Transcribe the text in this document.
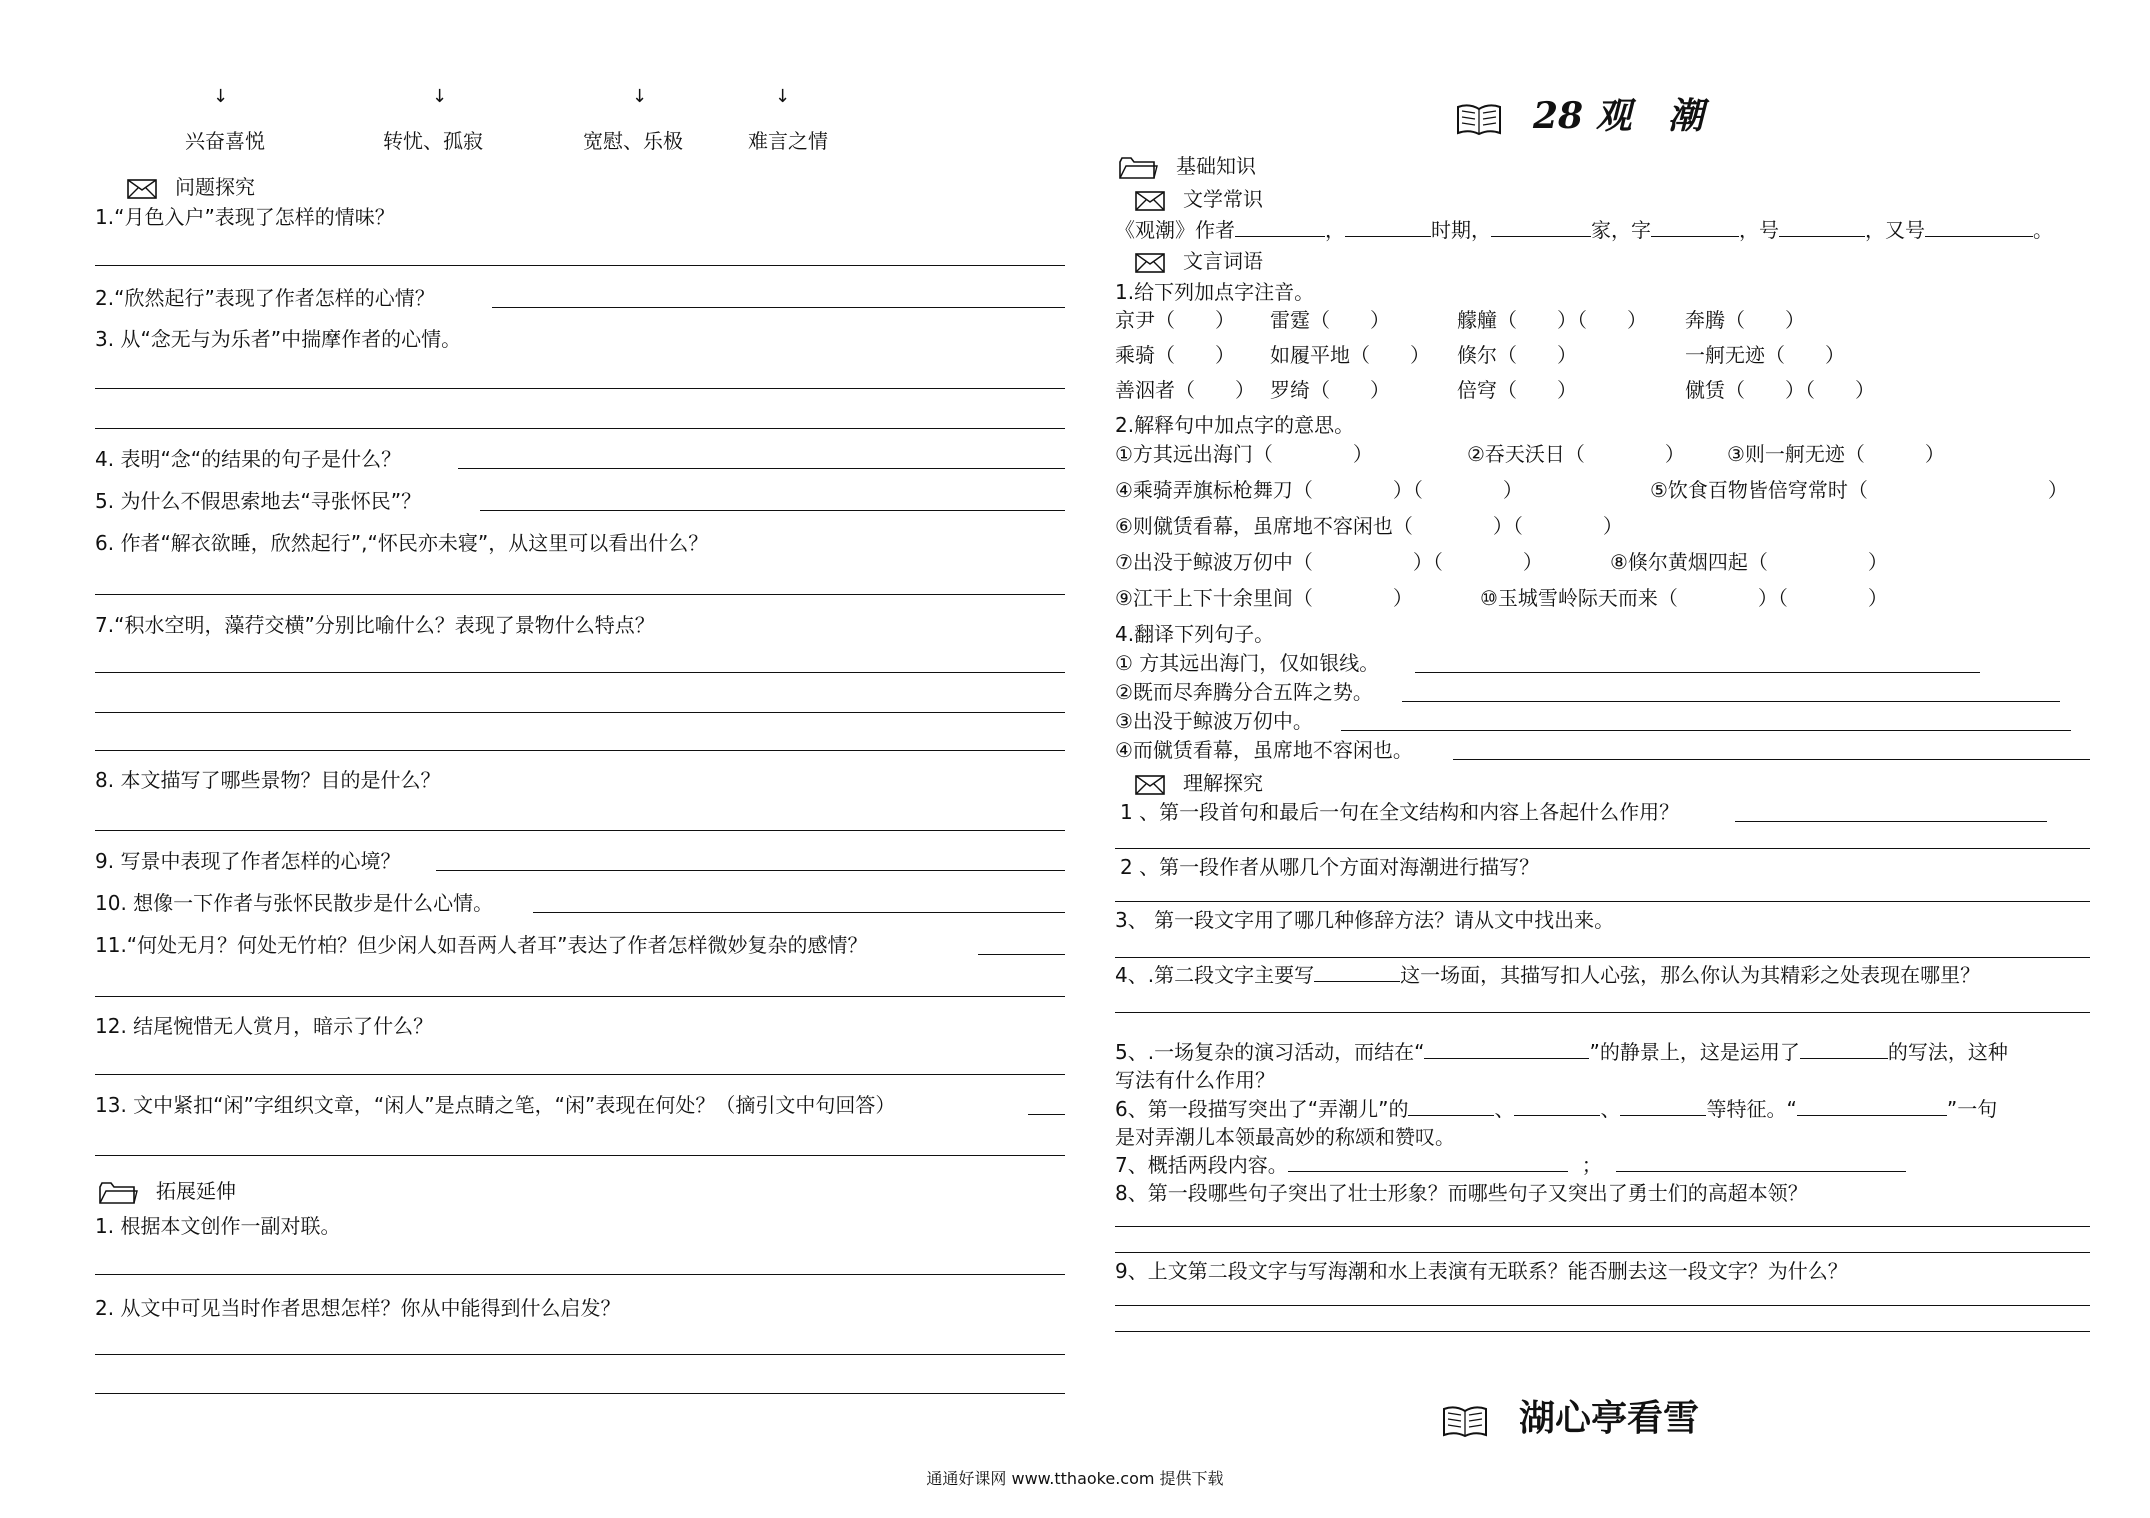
↓	↓	↓	↓
兴奋喜悦	转忧、孤寂	宽慰、乐极	难言之情
问题探究
1.“月色入户”表现了怎样的情味？
2.“欣然起行”表现了作者怎样的心情？
3. 从“念无与为乐者”中揣摩作者的心情。
4. 表明“念“的结果的句子是什么？
5. 为什么不假思索地去“寻张怀民”？
6. 作者“解衣欲睡，欣然起行”,“怀民亦未寝”，从这里可以看出什么？
7.“积水空明，藻荇交横”分别比喻什么？表现了景物什么特点？
8. 本文描写了哪些景物？目的是什么？
9. 写景中表现了作者怎样的心境？
10. 想像一下作者与张怀民散步是什么心情。
11.“何处无月？何处无竹柏？但少闲人如吾两人者耳”表达了作者怎样微妙复杂的感情？
12. 结尾惋惜无人赏月，暗示了什么？
13. 文中紧扣“闲”字组织文章，“闲人”是点睛之笔，“闲”表现在何处？（摘引文中句回答）
拓展延伸
1. 根据本文创作一副对联。
2. 从文中可见当时作者思想怎样？你从中能得到什么启发？
28 观　潮
基础知识
文学常识
《观潮》作者	，	时期，	家，字	，号	，又号	。
文言词语
1.给下列加点字注音。
京尹（　　） 雷霆（　　）	艨艟（　　）（　　） 奔腾（　　）
乘骑（　　） 如履平地（　　） 倏尔（　　）	一舸无迹（　　）
善泅者（　　） 罗绮（　　）	倍穹（　　）	僦赁（　　）（　　）
2.解释句中加点字的意思。
①方其远出海门（　　　　）	②吞天沃日（　　　　） ③则一舸无迹（　　　）
④乘骑弄旗标枪舞刀（　　　　）（　　　　）	⑤饮食百物皆倍穹常时（　　　　　　　　　）
⑥则僦赁看幕，虽席地不容闲也（　　　　）（　　　　）
⑦出没于鲸波万仞中（　　　　　）（　　　　）	⑧倏尔黄烟四起（　　　　　）
⑨江干上下十余里间（　　　　）	⑩玉城雪岭际天而来（　　　　）（　　　　）
4.翻译下列句子。
① 方其远出海门，仅如银线。
②既而尽奔腾分合五阵之势。
③出没于鲸波万仞中。
④而僦赁看幕，虽席地不容闲也。
理解探究
1 、第一段首句和最后一句在全文结构和内容上各起什么作用？
2 、第一段作者从哪几个方面对海潮进行描写？
3、 第一段文字用了哪几种修辞方法？请从文中找出来。
4、.第二段文字主要写	这一场面，其描写扣人心弦，那么你认为其精彩之处表现在哪里？
5、.一场复杂的演习活动，而结在“	”的静景上，这是运用了	的写法，这种
写法有什么作用？
6、第一段描写突出了“弄潮儿”的	、	、	等特征。“	”一句
是对弄潮儿本领最高妙的称颂和赞叹。
7、概括两段内容。	；
8、第一段哪些句子突出了壮士形象？而哪些句子又突出了勇士们的高超本领？
9、上文第二段文字与写海潮和水上表演有无联系？能否删去这一段文字？为什么？
湖心亭看雪
通通好课网 www.tthaoke.com 提供下载
